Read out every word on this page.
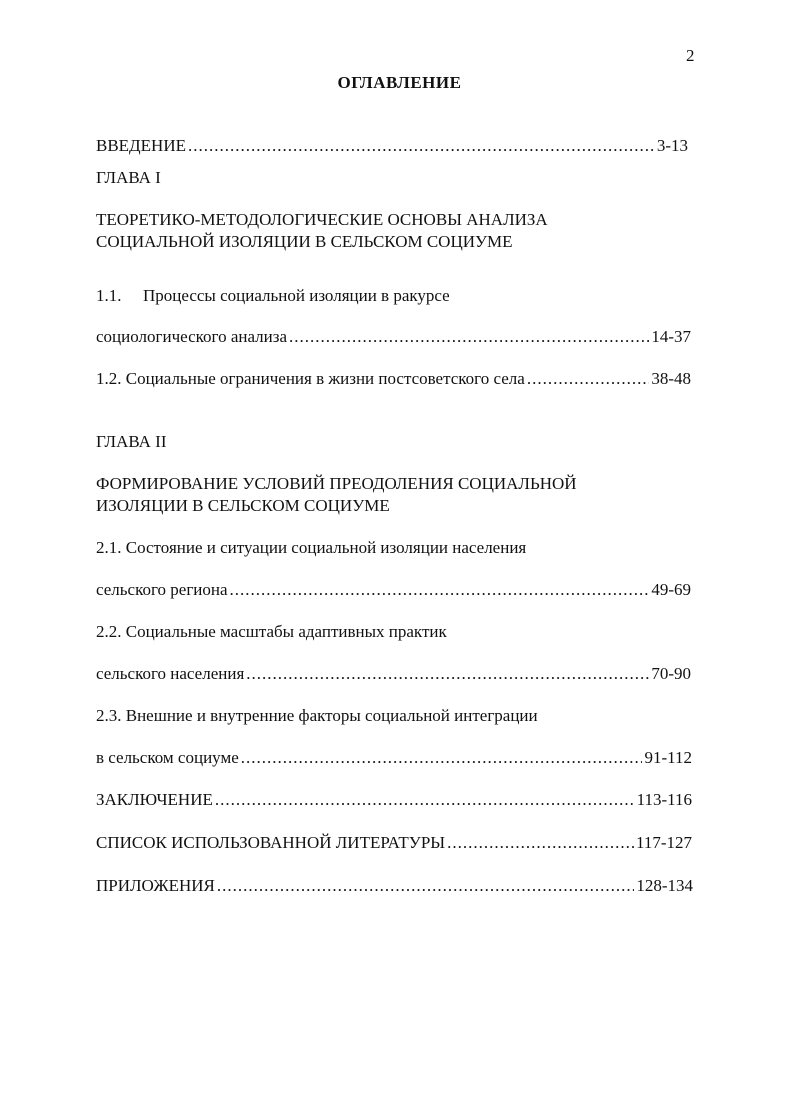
2
ОГЛАВЛЕНИЕ
ВВЕДЕНИЕ .....	3-13
ГЛАВА I
ТЕОРЕТИКО-МЕТОДОЛОГИЧЕСКИЕ ОСНОВЫ АНАЛИЗА
СОЦИАЛЬНОЙ ИЗОЛЯЦИИ В СЕЛЬСКОМ СОЦИУМЕ
1.1. Процессы социальной изоляции в ракурсе
социологического анализа .....	14-37
1.2. Социальные ограничения в жизни постсоветского села .....	38-48
ГЛАВА II
ФОРМИРОВАНИЕ УСЛОВИЙ ПРЕОДОЛЕНИЯ СОЦИАЛЬНОЙ
ИЗОЛЯЦИИ В СЕЛЬСКОМ СОЦИУМЕ
2.1. Состояние и ситуации социальной изоляции населения
сельского региона .....	49-69
2.2. Социальные масштабы адаптивных практик
сельского населения .....	70-90
2.3. Внешние и внутренние факторы социальной интеграции
в сельском социуме .....	91-112
ЗАКЛЮЧЕНИЕ .....	113-116
СПИСОК ИСПОЛЬЗОВАННОЙ ЛИТЕРАТУРЫ .....	117-127
ПРИЛОЖЕНИЯ .....	128-134
